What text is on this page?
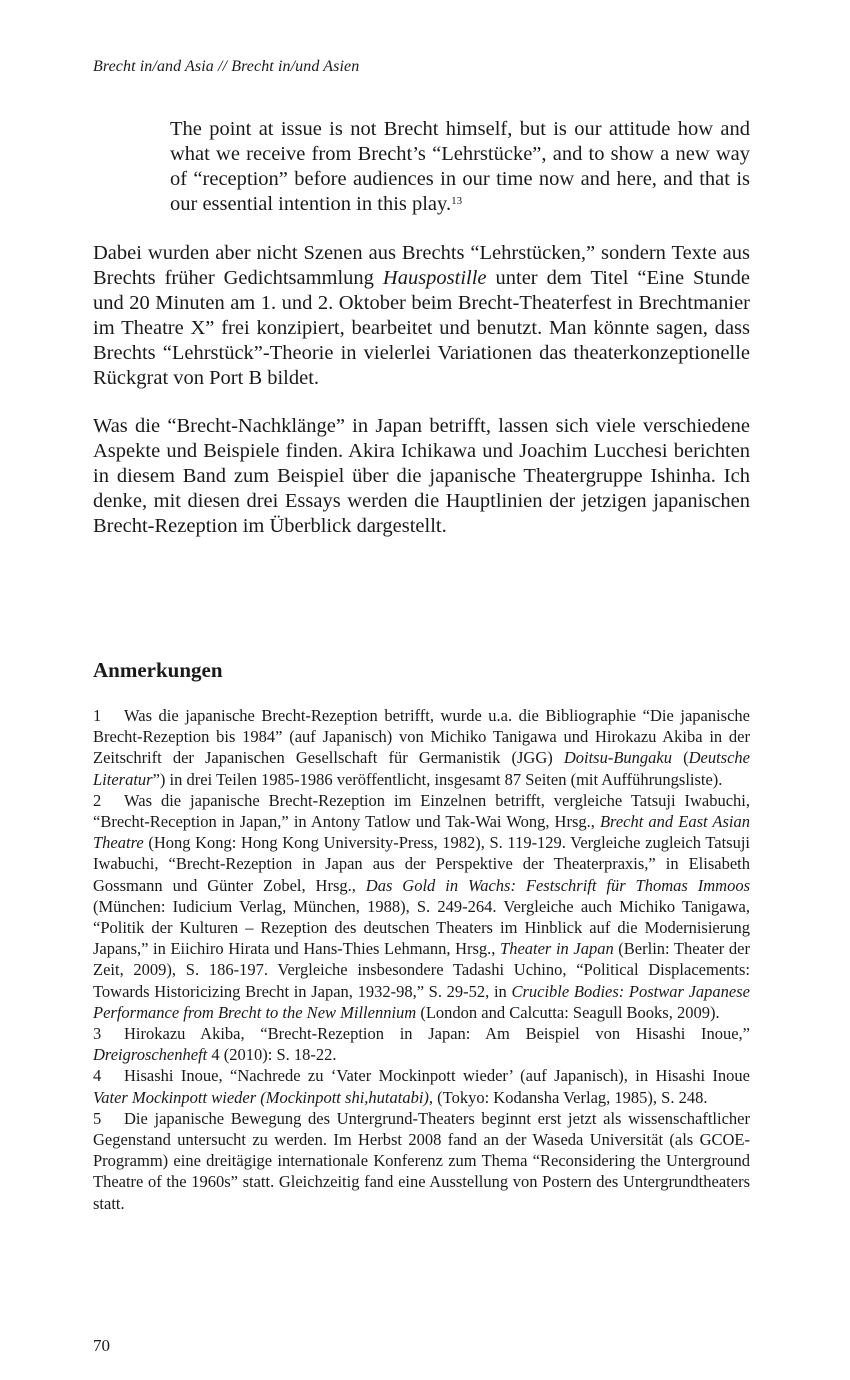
Brecht in/and Asia // Brecht in/und Asien
The point at issue is not Brecht himself, but is our attitude how and what we receive from Brecht’s “Lehrstücke”, and to show a new way of “reception” before audiences in our time now and here, and that is our essential intention in this play.$^{13}$
Dabei wurden aber nicht Szenen aus Brechts “Lehrstücken,” sondern Texte aus Brechts früher Gedichtsammlung Hauspostille unter dem Titel “Eine Stunde und 20 Minuten am 1. und 2. Oktober beim Brecht-Theaterfest in Brechtmanier im Theatre X” frei konzipiert, bearbeitet und benutzt. Man könnte sagen, dass Brechts “Lehrstück”-Theorie in vielerlei Variationen das theaterkonzeptionelle Rückgrat von Port B bildet.
Was die “Brecht-Nachklänge” in Japan betrifft, lassen sich viele verschiedene Aspekte und Beispiele finden. Akira Ichikawa und Joachim Lucchesi berichten in diesem Band zum Beispiel über die japanische Theatergruppe Ishinha. Ich denke, mit diesen drei Essays werden die Hauptlinien der jetzigen japanischen Brecht-Rezeption im Überblick dargestellt.
Anmerkungen

1 Was die japanische Brecht-Rezeption betrifft, wurde u.a. die Bibliographie “Die japanische Brecht-Rezeption bis 1984” (auf Japanisch) von Michiko Tanigawa und Hirokazu Akiba in der Zeitschrift der Japanischen Gesellschaft für Germanistik (JGG) Doitsu-Bungaku (Deutsche Literatur”) in drei Teilen 1985-1986 veröffentlicht, insgesamt 87 Seiten (mit Aufführungsliste).

2 Was die japanische Brecht-Rezeption im Einzelnen betrifft, vergleiche Tatsuji Iwabuchi, “Brecht-Reception in Japan,” in Antony Tatlow und Tak-Wai Wong, Hrsg., Brecht and East Asian Theatre (Hong Kong: Hong Kong University-Press, 1982), S. 119-129. Vergleiche zugleich Tatsuji Iwabuchi, “Brecht-Rezeption in Japan aus der Perspektive der Theaterpraxis,” in Elisabeth Gossmann und Günter Zobel, Hrsg., Das Gold in Wachs: Festschrift für Thomas Immoos (München: Iudicium Verlag, München, 1988), S. 249-264. Vergleiche auch Michiko Tanigawa, “Politik der Kulturen – Rezeption des deutschen Theaters im Hinblick auf die Modernisierung Japans,” in Eiichiro Hirata und Hans-Thies Lehmann, Hrsg., Theater in Japan (Berlin: Theater der Zeit, 2009), S. 186-197. Vergleiche insbesondere Tadashi Uchino, “Political Displacements: Towards Historicizing Brecht in Japan, 1932-98,” S. 29-52, in Crucible Bodies: Postwar Japanese Performance from Brecht to the New Millennium (London and Calcutta: Seagull Books, 2009).

3 Hirokazu Akiba, “Brecht-Rezeption in Japan: Am Beispiel von Hisashi Inoue,” Dreigroschenheft 4 (2010): S. 18-22.

4 Hisashi Inoue, “Nachrede zu ‘Vater Mockinpott wieder’ (auf Japanisch), in Hisashi Inoue Vater Mockinpott wieder (Mockinpott shi,hutatabi), (Tokyo: Kodansha Verlag, 1985), S. 248.

5 Die japanische Bewegung des Untergrund-Theaters beginnt erst jetzt als wissenschaftlicher Gegenstand untersucht zu werden. Im Herbst 2008 fand an der Waseda Universität (als GCOE-Programm) eine dreitägige internationale Konferenz zum Thema “Reconsidering the Unterground Theatre of the 1960s” statt. Gleichzeitig fand eine Ausstellung von Postern des Untergrundtheaters statt.

70
